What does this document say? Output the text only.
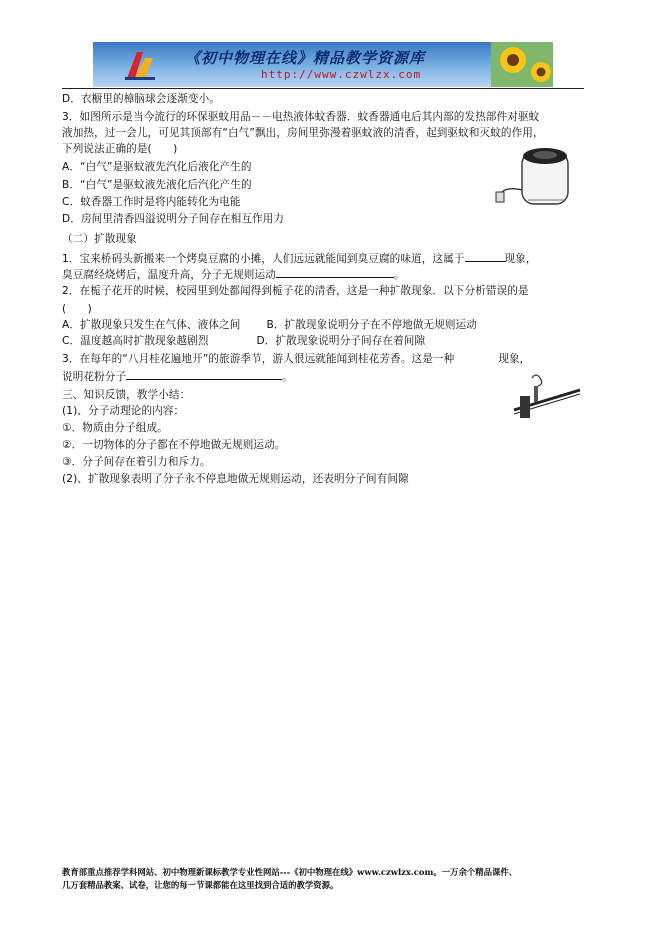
《初中物理在线》精品教学资源库
http://www.czwlzx.com
D．衣橱里的樟脑球会逐渐变小。
3．如图所示是当今流行的环保驱蚊用品－－电热液体蚊香器．蚊香器通电后其内部的发热部件对驱蚊
液加热，过一会儿，可见其顶部有“白气”飘出，房间里弥漫着驱蚊液的清香，起到驱蚊和灭蚊的作用，
下列说法正确的是(　　)
A．“白气”是驱蚊液先汽化后液化产生的
B．“白气”是驱蚊液先液化后汽化产生的
C．蚊香器工作时是将内能转化为电能
D．房间里清香四溢说明分子间存在相互作用力
（二）扩散现象
1．宝来桥码头新搬来一个烤臭豆腐的小摊，人们远远就能闻到臭豆腐的味道，这属于	现象，
臭豆腐经烧烤后，温度升高，分子无规则运动	。
2．在栀子花开的时候，校园里到处都闻得到栀子花的清香，这是一种扩散现象．以下分析错误的是
(　　)
A．扩散现象只发生在气体、液体之间 B．扩散现象说明分子在不停地做无规则运动
C．温度越高时扩散现象越剧烈	D．扩散现象说明分子间存在着间隙
3．在每年的“八月桂花遍地开”的旅游季节，游人很远就能闻到桂花芳香。这是一种	现象，
说明花粉分子	。
三、知识反馈，教学小结：
(1)、分子动理论的内容：
①．物质由分子组成。
②．一切物体的分子都在不停地做无规则运动。
③．分子间存在着引力和斥力。
(2)、扩散现象表明了分子永不停息地做无规则运动，还表明分子间有间隙
教育部重点推荐学科网站、初中物理新课标教学专业性网站---《初中物理在线》www.czwlzx.com。一万余个精品课件、
几万套精品教案、试卷，让您的每一节课都能在这里找到合适的教学资源。
